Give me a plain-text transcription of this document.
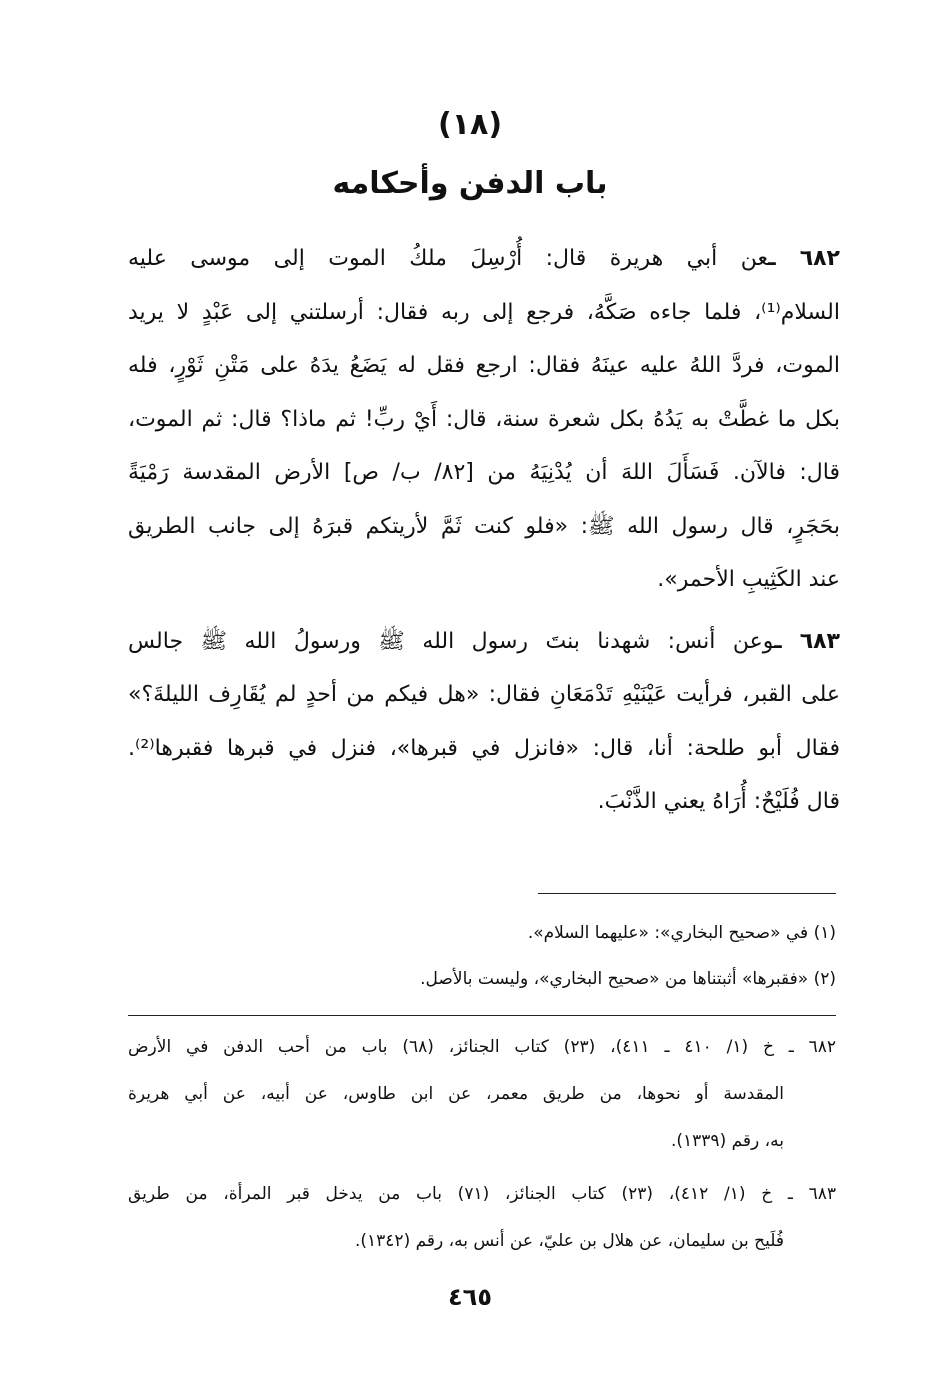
(١٨)
باب الدفن وأحكامه
٦٨٢ ـعن أبي هريرة قال: أُرْسِلَ ملكُ الموت إلى موسى عليه
السلام⁽¹⁾، فلما جاءه صَكَّهُ، فرجع إلى ربه فقال: أرسلتني إلى عَبْدٍ لا يريد
الموت، فردَّ اللهُ عليه عينَهُ فقال: ارجع فقل له يَضَعُ يدَهُ على مَتْنِ ثَوْرٍ، فله
بكل ما غطَّتْ به يَدُهُ بكل شعرة سنة، قال: أَيْ ربِّ! ثم ماذا؟ قال: ثم الموت،
قال: فالآن. فَسَأَلَ اللهَ أن يُدْنِيَهُ من [٨٢/ ب/ ص] الأرض المقدسة رَمْيَةً
بحَجَرٍ، قال رسول الله ﷺ: «فلو كنت ثَمَّ لأريتكم قبرَهُ إلى جانب الطريق
عند الكَثِيبِ الأحمر».
٦٨٣ ـوعن أنس: شهدنا بنتَ رسول الله ﷺ ورسولُ الله ﷺ جالس
على القبر، فرأيت عَيْنَيْهِ تَدْمَعَانِ فقال: «هل فيكم من أحدٍ لم يُقَارِف الليلةَ؟»
فقال أبو طلحة: أنا، قال: «فانزل في قبرها»، فنزل في قبرها فقبرها⁽²⁾.
قال فُلَيْحٌ: أُرَاهُ يعني الذَّنْبَ.
(١) في «صحيح البخاري»: «عليهما السلام».
(٢) «فقبرها» أثبتناها من «صحيح البخاري»، وليست بالأصل.
٦٨٢ ـ خ (١/ ٤١٠ ـ ٤١١)، (٢٣) كتاب الجنائز، (٦٨) باب من أحب الدفن في الأرض
المقدسة أو نحوها، من طريق معمر، عن ابن طاوس، عن أبيه، عن أبي هريرة
به، رقم (١٣٣٩).
٦٨٣ ـ خ (١/ ٤١٢)، (٢٣) كتاب الجنائز، (٧١) باب من يدخل قبر المرأة، من طريق
فُلَيح بن سليمان، عن هلال بن عليّ، عن أنس به، رقم (١٣٤٢).
٤٦٥
